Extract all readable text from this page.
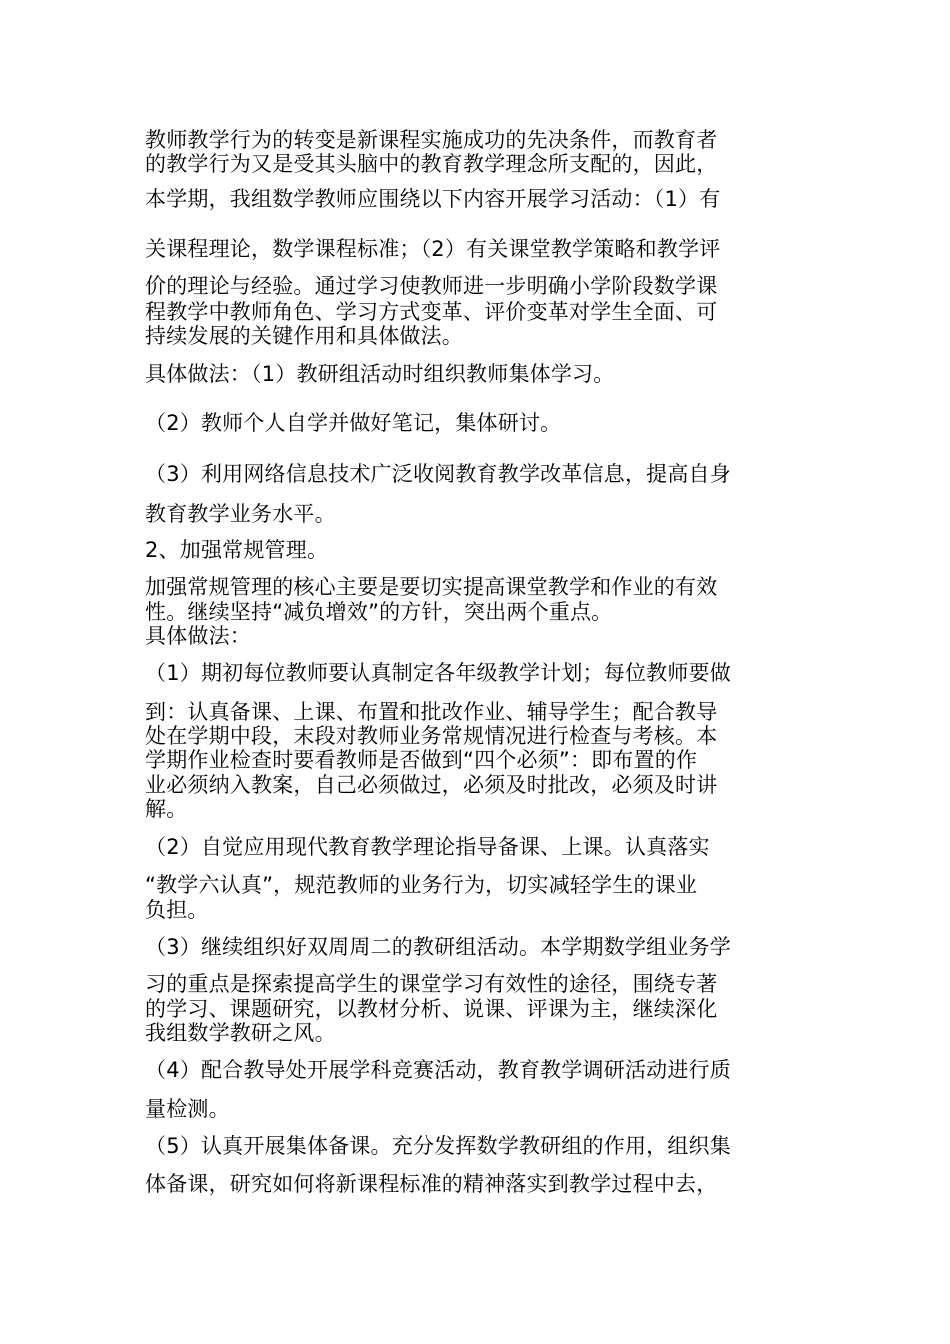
教师教学行为的转变是新课程实施成功的先决条件，而教育者
的教学行为又是受其头脑中的教育教学理念所支配的，因此，
本学期，我组数学教师应围绕以下内容开展学习活动：（1）有
关课程理论，数学课程标准；（2）有关课堂教学策略和教学评
价的理论与经验。通过学习使教师进一步明确小学阶段数学课
程教学中教师角色、学习方式变革、评价变革对学生全面、可
持续发展的关键作用和具体做法。
具体做法：（1）教研组活动时组织教师集体学习。
（2）教师个人自学并做好笔记，集体研讨。
（3）利用网络信息技术广泛收阅教育教学改革信息，提高自身
教育教学业务水平。
2、加强常规管理。
加强常规管理的核心主要是要切实提高课堂教学和作业的有效
性。继续坚持“减负增效”的方针，突出两个重点。
具体做法：
（1）期初每位教师要认真制定各年级教学计划；每位教师要做
到：认真备课、上课、布置和批改作业、辅导学生；配合教导
处在学期中段，末段对教师业务常规情况进行检查与考核。本
学期作业检查时要看教师是否做到“四个必须”：即布置的作
业必须纳入教案，自己必须做过，必须及时批改，必须及时讲
解。
（2）自觉应用现代教育教学理论指导备课、上课。认真落实
“教学六认真”，规范教师的业务行为，切实减轻学生的课业
负担。
（3）继续组织好双周周二的教研组活动。本学期数学组业务学
习的重点是探索提高学生的课堂学习有效性的途径，围绕专著
的学习、课题研究，以教材分析、说课、评课为主，继续深化
我组数学教研之风。
（4）配合教导处开展学科竞赛活动，教育教学调研活动进行质
量检测。
（5）认真开展集体备课。充分发挥数学教研组的作用，组织集
体备课，研究如何将新课程标准的精神落实到教学过程中去，
